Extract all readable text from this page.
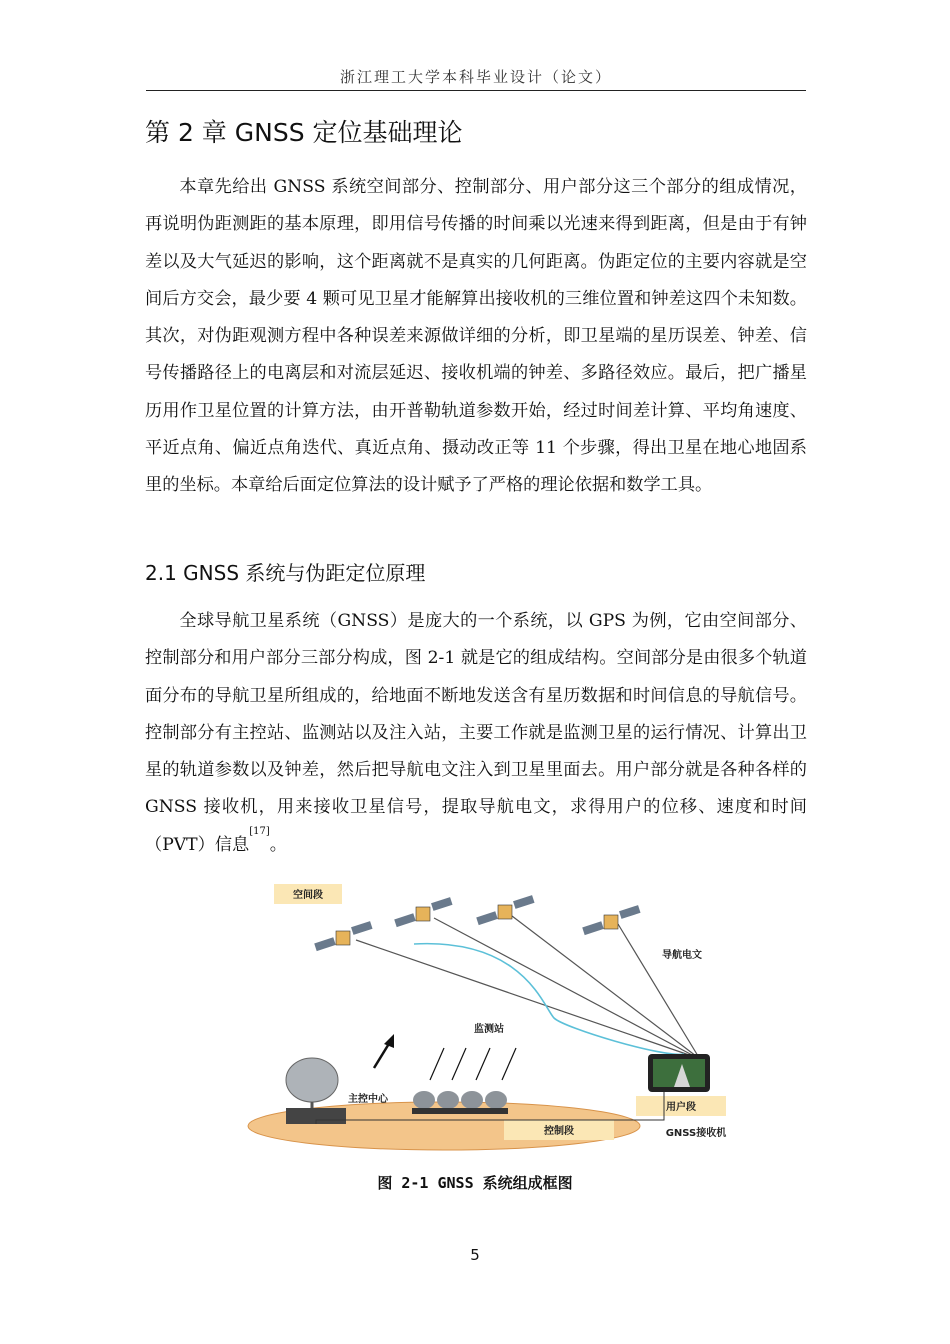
浙江理工大学本科毕业设计（论文）
第 2 章 GNSS 定位基础理论

本章先给出 GNSS 系统空间部分、控制部分、用户部分这三个部分的组成情况，再说明伪距测距的基本原理，即用信号传播的时间乘以光速来得到距离，但是由于有钟差以及大气延迟的影响，这个距离就不是真实的几何距离。伪距定位的主要内容就是空间后方交会，最少要 4 颗可见卫星才能解算出接收机的三维位置和钟差这四个未知数。其次，对伪距观测方程中各种误差来源做详细的分析，即卫星端的星历误差、钟差、信号传播路径上的电离层和对流层延迟、接收机端的钟差、多路径效应。最后，把广播星历用作卫星位置的计算方法，由开普勒轨道参数开始，经过时间差计算、平均角速度、平近点角、偏近点角迭代、真近点角、摄动改正等 11 个步骤，得出卫星在地心地固系里的坐标。本章给后面定位算法的设计赋予了严格的理论依据和数学工具。

2.1 GNSS 系统与伪距定位原理

全球导航卫星系统（GNSS）是庞大的一个系统，以 GPS 为例，它由空间部分、控制部分和用户部分三部分构成，图 2-1 就是它的组成结构。空间部分是由很多个轨道面分布的导航卫星所组成的，给地面不断地发送含有星历数据和时间信息的导航信号。控制部分有主控站、监测站以及注入站，主要工作就是监测卫星的运行情况、计算出卫星的轨道参数以及钟差，然后把导航电文注入到卫星里面去。用户部分就是各种各样的 GNSS 接收机，用来接收卫星信号，提取导航电文，求得用户的位移、速度和时间（PVT）信息[17]。

空间段
导航电文
监测站
主控中心
用户段
控制段	GNSS接收机
图 2-1 GNSS 系统组成框图
5
